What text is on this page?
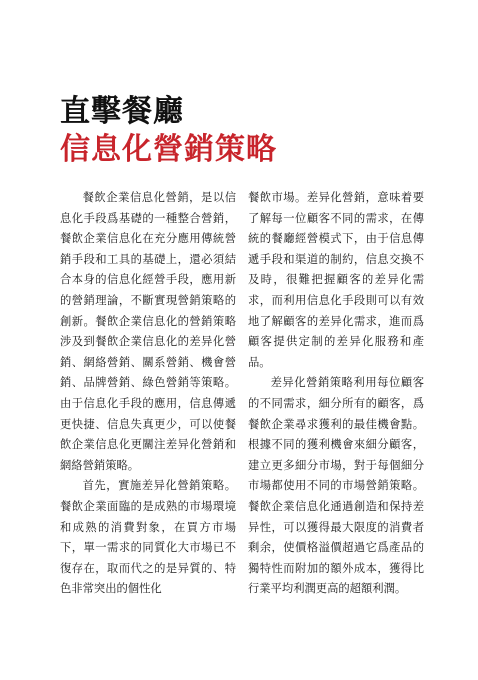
直擊餐廳
信息化營銷策略

餐飲企業信息化營銷，是以信息化手段爲基礎的一種整合營銷，餐飲企業信息化在充分應用傳統營銷手段和工具的基礎上，還必須結合本身的信息化經營手段，應用新的營銷理論，不斷實現營銷策略的創新。餐飲企業信息化的營銷策略涉及到餐飲企業信息化的差异化營銷、網絡營銷、關系營銷、機會營銷、品牌營銷、綠色營銷等策略。由于信息化手段的應用，信息傳遞更快捷、信息失真更少，可以使餐飲企業信息化更關注差异化營銷和網絡營銷策略。

首先，實施差异化營銷策略。餐飲企業面臨的是成熟的市場環境和成熟的消費對象，在買方市場下，單一需求的同質化大市場已不復存在，取而代之的是异質的、特色非常突出的個性化

餐飲市場。差异化營銷，意味着要了解每一位顧客不同的需求，在傳統的餐廳經營模式下，由于信息傳遞手段和渠道的制約，信息交換不及時，很難把握顧客的差异化需求，而利用信息化手段則可以有效地了解顧客的差异化需求，進而爲顧客提供定制的差异化服務和產品。

差异化營銷策略利用每位顧客的不同需求，細分所有的顧客，爲餐飲企業尋求獲利的最佳機會點。根據不同的獲利機會來細分顧客，建立更多細分市場，對于每個細分市場都使用不同的市場營銷策略。餐飲企業信息化通過創造和保持差异性，可以獲得最大限度的消費者剩余，使價格溢價超過它爲產品的獨特性而附加的額外成本，獲得比行業平均利潤更高的超額利潤。
